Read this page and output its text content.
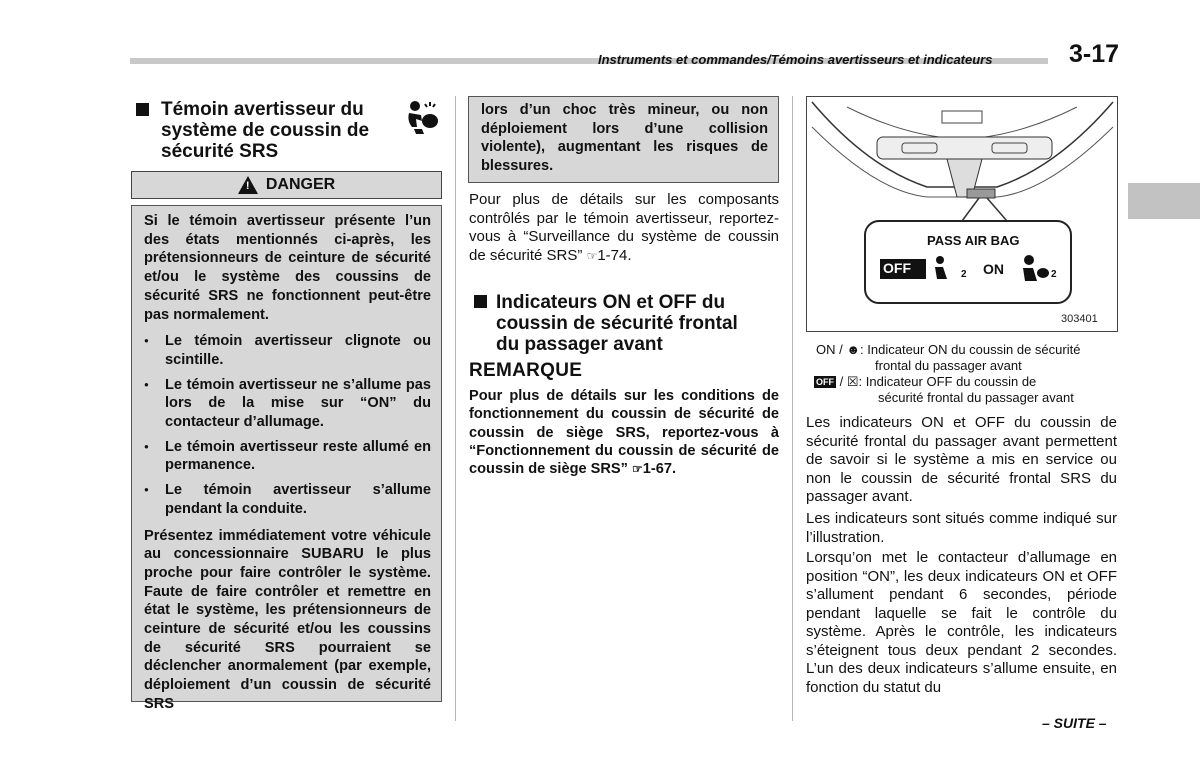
Instruments et commandes/Témoins avertisseurs et indicateurs	3-17
Témoin avertisseur du
système de coussin de
sécurité SRS
! DANGER

Si le témoin avertisseur présente l’un des états mentionnés ci-après, les prétensionneurs de ceinture de sécurité et/ou le système des coussins de sécurité SRS ne fonctionnent peut-être pas normalement.

● Le témoin avertisseur clignote ou scintille.
● Le témoin avertisseur ne s’allume pas lors de la mise sur “ON” du contacteur d’allumage.
● Le témoin avertisseur reste allumé en permanence.
● Le témoin avertisseur s’allume pendant la conduite.

Présentez immédiatement votre véhicule au concessionnaire SUBARU le plus proche pour faire contrôler le système. Faute de faire contrôler et remettre en état le système, les prétensionneurs de ceinture de sécurité et/ou les coussins de sécurité SRS pourraient se déclencher anormalement (par exemple, déploiement d’un coussin de sécurité SRS

lors d’un choc très mineur, ou non déploiement lors d’une collision violente), augmentant les risques de blessures.

Pour plus de détails sur les composants contrôlés par le témoin avertisseur, reportez-vous à “Surveillance du système de coussin de sécurité SRS” ☞1-74.
Indicateurs ON et OFF du
coussin de sécurité frontal
du passager avant
REMARQUE
Pour plus de détails sur les conditions de fonctionnement du coussin de sécurité de coussin de siège SRS, reportez-vous à “Fonctionnement du coussin de sécurité de coussin de siège SRS” ☞1-67.
PASS AIR BAG
OFF	2 ON	2
303401
ON / ☻: Indicateur ON du coussin de sécurité
frontal du passager avant
OFF / ☒: Indicateur OFF du coussin de
sécurité frontal du passager avant
Les indicateurs ON et OFF du coussin de sécurité frontal du passager avant permettent de savoir si le système a mis en service ou non le coussin de sécurité frontal SRS du passager avant.
Les indicateurs sont situés comme indiqué sur l’illustration.
Lorsqu’on met le contacteur d’allumage en position “ON”, les deux indicateurs ON et OFF s’allument pendant 6 secondes, période pendant laquelle se fait le contrôle du système. Après le contrôle, les indicateurs s’éteignent tous deux pendant 2 secondes. L’un des deux indicateurs s’allume ensuite, en fonction du statut du
– SUITE –
